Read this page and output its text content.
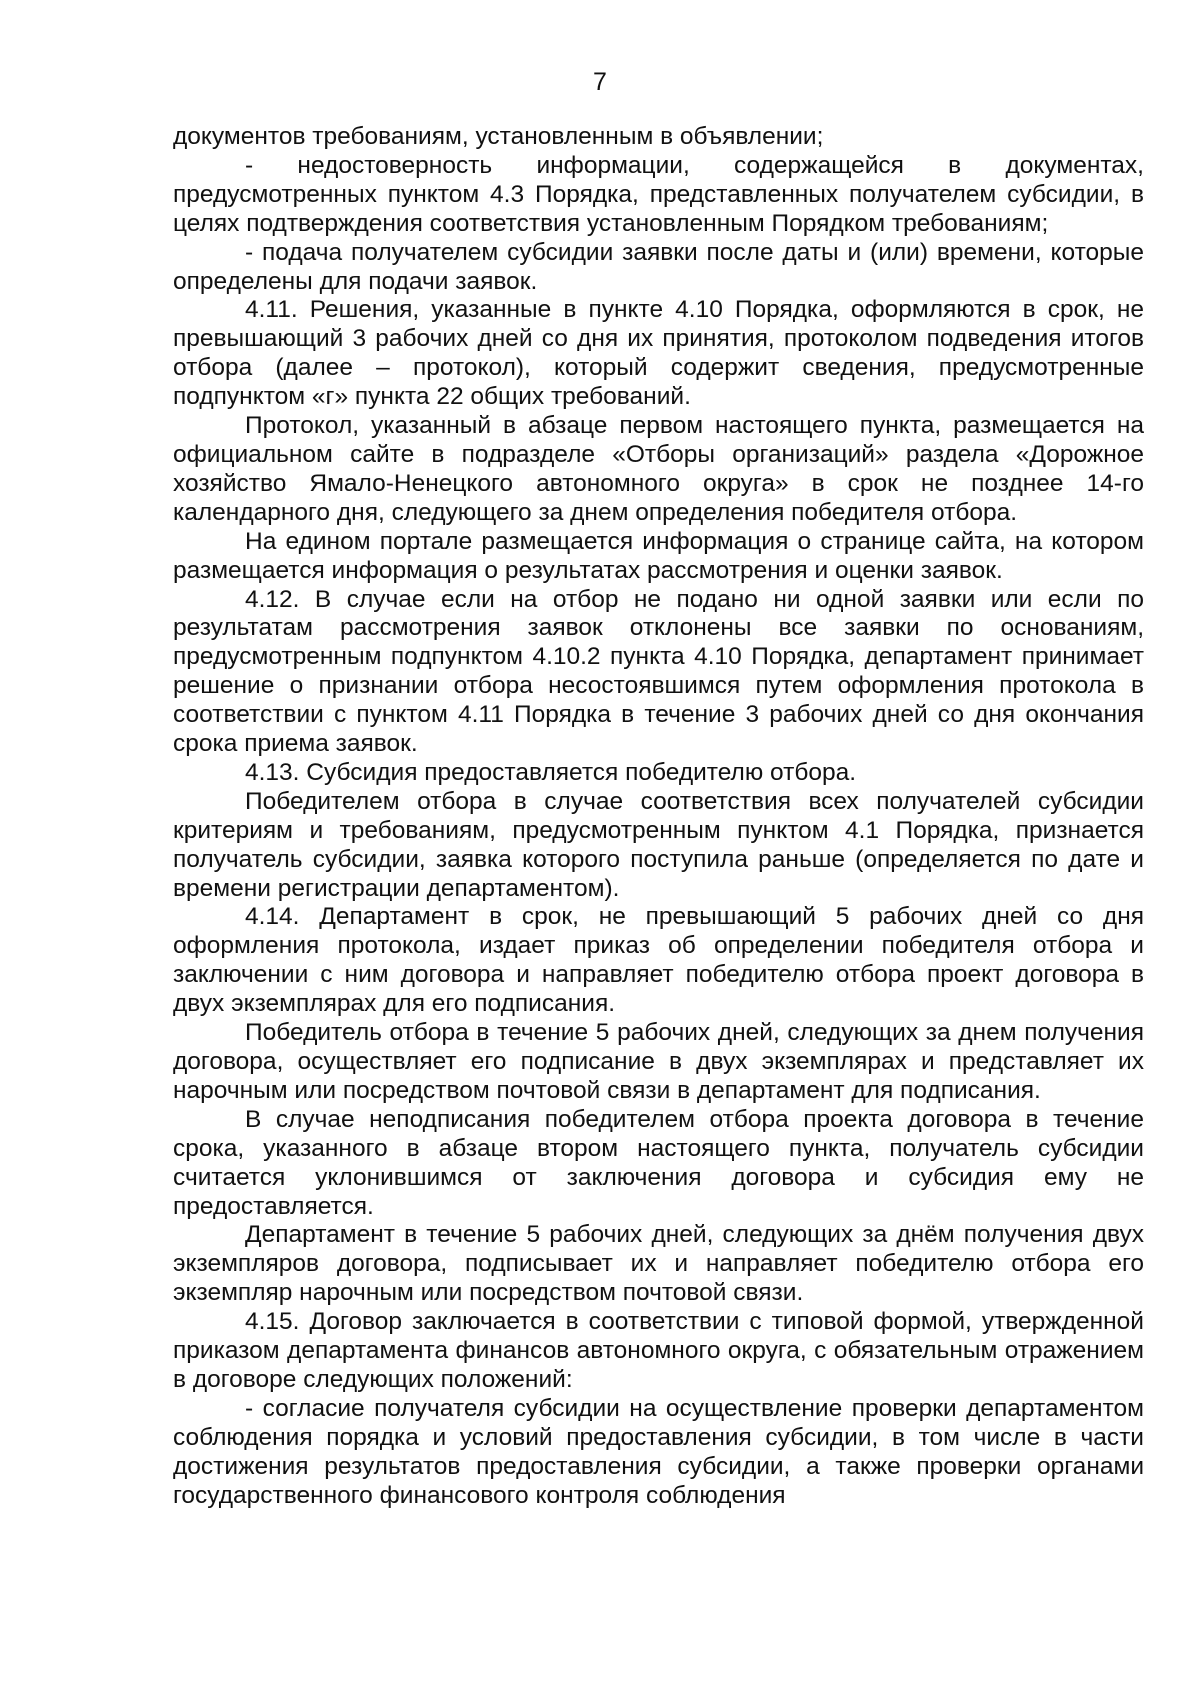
7

документов требованиям, установленным в объявлении;

- недостоверность информации, содержащейся в документах, предусмотренных пунктом 4.3 Порядка, представленных получателем субсидии, в целях подтверждения соответствия установленным Порядком требованиям;

- подача получателем субсидии заявки после даты и (или) времени, которые определены для подачи заявок.

4.11. Решения, указанные в пункте 4.10 Порядка, оформляются в срок, не превышающий 3 рабочих дней со дня их принятия, протоколом подведения итогов отбора (далее – протокол), который содержит сведения, предусмотренные подпунктом «г» пункта 22 общих требований.

Протокол, указанный в абзаце первом настоящего пункта, размещается на официальном сайте в подразделе «Отборы организаций» раздела «Дорожное хозяйство Ямало-Ненецкого автономного округа» в срок не позднее 14-го календарного дня, следующего за днем определения победителя отбора.

На едином портале размещается информация о странице сайта, на котором размещается информация о результатах рассмотрения и оценки заявок.

4.12. В случае если на отбор не подано ни одной заявки или если по результатам рассмотрения заявок отклонены все заявки по основаниям, предусмотренным подпунктом 4.10.2 пункта 4.10 Порядка, департамент принимает решение о признании отбора несостоявшимся путем оформления протокола в соответствии с пунктом 4.11 Порядка в течение 3 рабочих дней со дня окончания срока приема заявок.

4.13. Субсидия предоставляется победителю отбора.

Победителем отбора в случае соответствия всех получателей субсидии критериям и требованиям, предусмотренным пунктом 4.1 Порядка, признается получатель субсидии, заявка которого поступила раньше (определяется по дате и времени регистрации департаментом).

4.14. Департамент в срок, не превышающий 5 рабочих дней со дня оформления протокола, издает приказ об определении победителя отбора и заключении с ним договора и направляет победителю отбора проект договора в двух экземплярах для его подписания.

Победитель отбора в течение 5 рабочих дней, следующих за днем получения договора, осуществляет его подписание в двух экземплярах и представляет их нарочным или посредством почтовой связи в департамент для подписания.

В случае неподписания победителем отбора проекта договора в течение срока, указанного в абзаце втором настоящего пункта, получатель субсидии считается уклонившимся от заключения договора и субсидия ему не предоставляется.

Департамент в течение 5 рабочих дней, следующих за днём получения двух экземпляров договора, подписывает их и направляет победителю отбора его экземпляр нарочным или посредством почтовой связи.

4.15. Договор заключается в соответствии с типовой формой, утвержденной приказом департамента финансов автономного округа, с обязательным отражением в договоре следующих положений:

- согласие получателя субсидии на осуществление проверки департаментом соблюдения порядка и условий предоставления субсидии, в том числе в части достижения результатов предоставления субсидии, а также проверки органами государственного финансового контроля соблюдения
